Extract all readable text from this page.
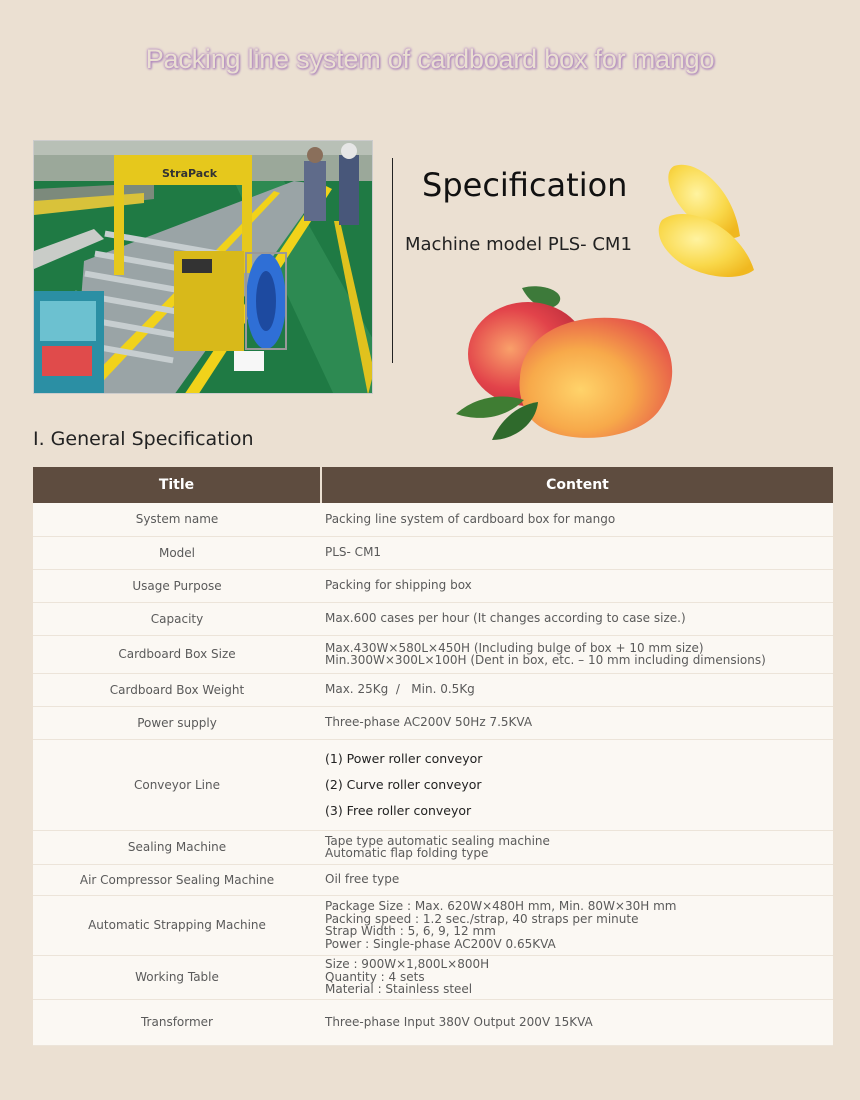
Packing line system of cardboard box for mango
StraPack	Specification
Machine model PLS- CM1
I. General Specification
Title	Content
System name	Packing line system of cardboard box for mango

Model	PLS- CM1

Usage Purpose	Packing for shipping box

Capacity	Max.600 cases per hour (It changes according to case size.)

Cardboard Box Size	Max.430W×580L×450H (Including bulge of box + 10 mm size)
Min.300W×300L×100H (Dent in box, etc. – 10 mm including dimensions)

Cardboard Box Weight	Max. 25Kg  /   Min. 0.5Kg

Power supply	Three-phase AC200V 50Hz 7.5KVA

Conveyor Line	(1) Power roller conveyor
(2) Curve roller conveyor
(3) Free roller conveyor

Sealing Machine	Tape type automatic sealing machine
Automatic flap folding type

Air Compressor Sealing Machine	Oil free type

Automatic Strapping Machine	Package Size : Max. 620W×480H mm, Min. 80W×30H mm
Packing speed : 1.2 sec./strap, 40 straps per minute
Strap Width : 5, 6, 9, 12 mm
Power : Single-phase AC200V 0.65KVA

Working Table	Size : 900W×1,800L×800H
Quantity : 4 sets
Material : Stainless steel

Transformer	Three-phase Input 380V Output 200V 15KVA
